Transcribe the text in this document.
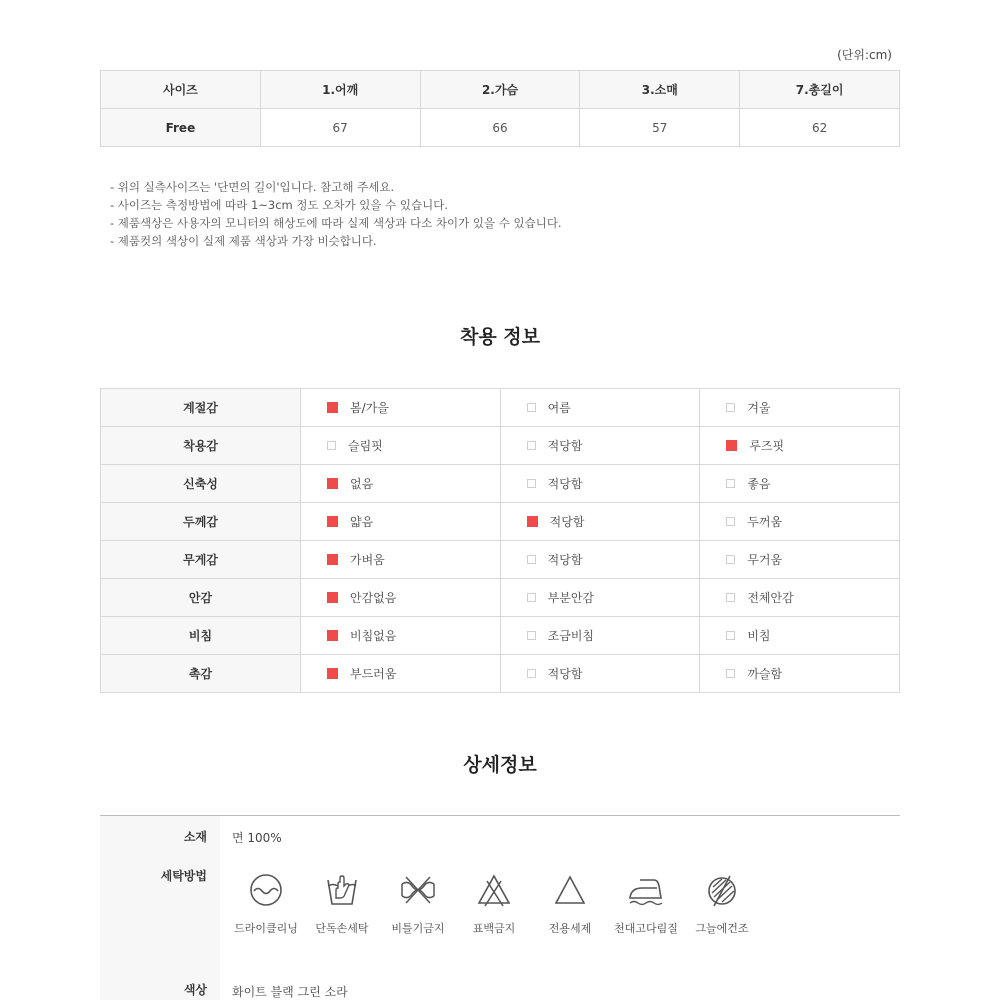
(단위:cm)
사이즈	1.어깨	2.가슴	3.소매	7.총길이
Free	67	66	57	62
- 위의 실측사이즈는 '단면의 길이'입니다. 참고해 주세요.
- 사이즈는 측정방법에 따라 1~3cm 정도 오차가 있을 수 있습니다.
- 제품색상은 사용자의 모니터의 해상도에 따라 실제 색상과 다소 차이가 있을 수 있습니다.
- 제품컷의 색상이 실제 제품 색상과 가장 비슷합니다.
착용 정보
계절감	봄/가을	여름	겨울

착용감	슬림핏	적당함	루즈핏

신축성	없음	적당함	좋음

두께감	얇음	적당함	두꺼움

무게감	가벼움	적당함	무거움

안감	안감없음	부분안감	전체안감

비침	비침없음	조금비침	비침

촉감	부드러움	적당함	까슬함
상세정보
소재 면 100%
세탁방법
드라이클리닝	단독손세탁	비틀기금지	표백금지	전용세제	천대고다림질	그늘에건조
색상 화이트 블랙 그린 소라
